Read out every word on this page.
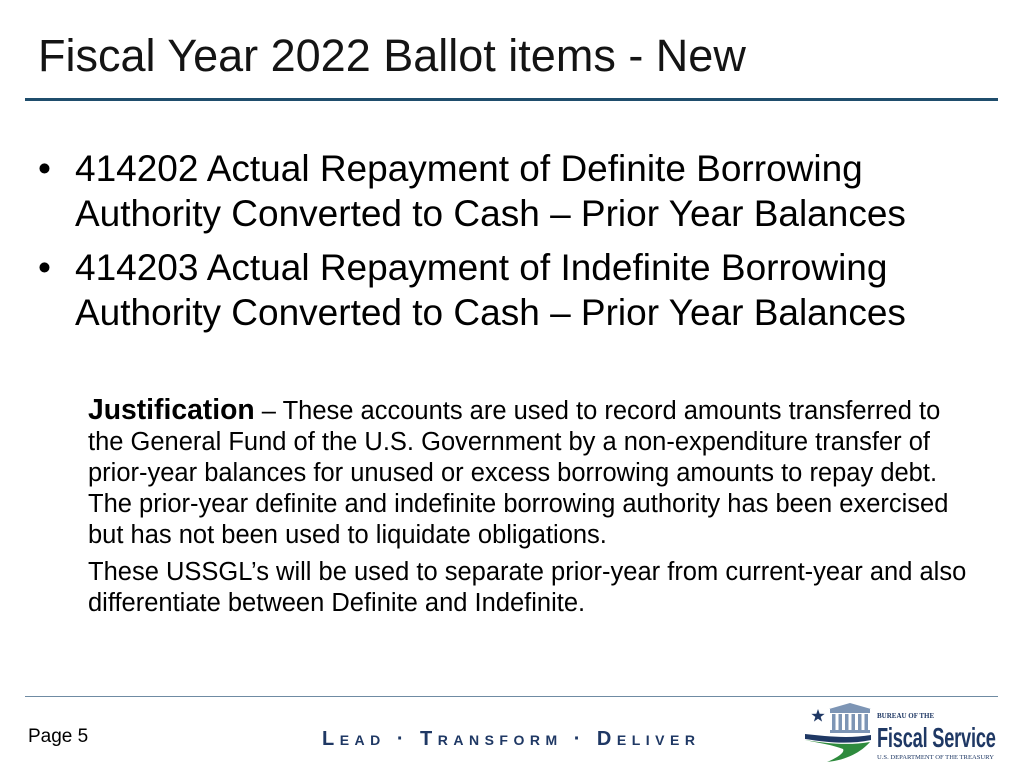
Fiscal Year 2022 Ballot items - New
• 414202 Actual Repayment of Definite Borrowing Authority Converted to Cash – Prior Year Balances
• 414203 Actual Repayment of Indefinite Borrowing Authority Converted to Cash – Prior Year Balances

Justification – These accounts are used to record amounts transferred to the General Fund of the U.S. Government by a non-expenditure transfer of prior-year balances for unused or excess borrowing amounts to repay debt. The prior-year definite and indefinite borrowing authority has been exercised but has not been used to liquidate obligations.

These USSGL’s will be used to separate prior-year from current-year and also differentiate between Definite and Indefinite.

Page 5	Lead · Transform · Deliver
BUREAU OF THE
Fiscal Service
U.S. DEPARTMENT OF THE TREASURY
